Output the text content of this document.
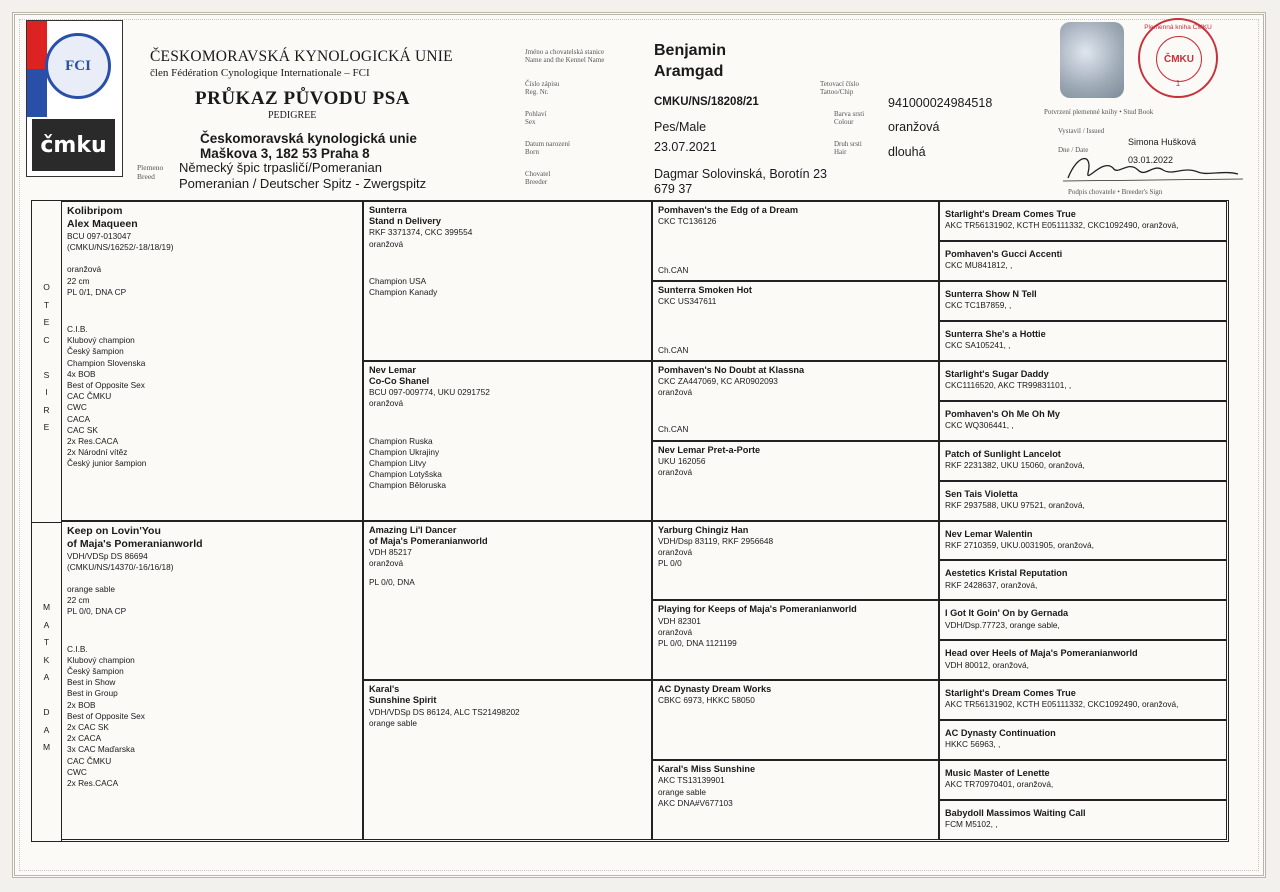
FCI
čmku
ČESKOMORAVSKÁ KYNOLOGICKÁ UNIE
člen Fédération Cynologique Internationale – FCI
PRŮKAZ PŮVODU PSA
PEDIGREE
Českomoravská kynologická unie
Maškova 3, 182 53 Praha 8
Plemeno
Breed
Německý špic trpasličí/Pomeranian
Pomeranian / Deutscher Spitz - Zwergspitz
Jméno a chovatelská stanice
Name and the Kennel Name
Číslo zápisu
Reg. Nr.
Pohlaví
Sex
Datum narození
Born
Chovatel
Breeder
Tetovací číslo
Tattoo/Chip
Barva srsti
Colour
Druh srsti
Hair
Benjamin
Aramgad
CMKU/NS/18208/21
Pes/Male
23.07.2021
Dagmar Solovinská, Borotín 23
679 37
941000024984518
oranžová
dlouhá
Plemenná kniha ČMKU
ČMKU
1
Potvrzení plemenné knihy • Stud Book
Vystavil / Issued
Simona Hušková
Dne / Date
03.01.2022
Podpis chovatele • Breeder's Sign
O
T
E
C
S
I
R
E
M
A
T
K
A
D
A
M
Kolibripom
Alex Maqueen
BCU 097-013047
(CMKU/NS/16252/-18/18/19)
oranžová
22 cm
PL 0/1, DNA CP
C.I.B.
Klubový champion
Český šampion
Champion Slovenska
4x BOB
Best of Opposite Sex
CAC ČMKU
CWC
CACA
CAC SK
2x Res.CACA
2x Národní vítěz
Český junior šampion
Keep on Lovin'You
of Maja's Pomeranianworld
VDH/VDSp DS 86694
(CMKU/NS/14370/-16/16/18)
orange sable
22 cm
PL 0/0, DNA CP
C.I.B.
Klubový champion
Český šampion
Best in Show
Best in Group
2x BOB
Best of Opposite Sex
2x CAC SK
2x CACA
3x CAC Maďarska
CAC ČMKU
CWC
2x Res.CACA
Sunterra
Stand n Delivery
RKF 3371374, CKC 399554
oranžová
Champion USA
Champion Kanady
Nev Lemar
Co-Co Shanel
BCU 097-009774, UKU 0291752
oranžová
Champion Ruska
Champion Ukrajiny
Champion Litvy
Champion Lotyšska
Champion Běloruska
Amazing Li'l Dancer
of Maja's Pomeranianworld
VDH 85217
oranžová
PL 0/0, DNA
Karal's
Sunshine Spirit
VDH/VDSp DS 86124, ALC TS21498202
orange sable
Pomhaven's the Edg of a Dream
CKC TC136126
Ch.CAN
Sunterra Smoken Hot
CKC US347611
Ch.CAN
Pomhaven's No Doubt at Klassna
CKC ZA447069, KC AR0902093
oranžová
Ch.CAN
Nev Lemar Pret-a-Porte
UKU 162056
oranžová
Yarburg Chingiz Han
VDH/Dsp 83119, RKF 2956648
oranžová
PL 0/0
Playing for Keeps of Maja's Pomeranianworld
VDH 82301
oranžová
PL 0/0, DNA 1121199
AC Dynasty Dream Works
CBKC 6973, HKKC 58050
Karal's Miss Sunshine
AKC TS13139901
orange sable
AKC DNA#V677103
Starlight's Dream Comes True
AKC TR56131902, KCTH E05111332, CKC1092490, oranžová,
Pomhaven's Gucci Accenti
CKC MU841812, ,
Sunterra Show N Tell
CKC TC1B7859, ,
Sunterra She's a Hottie
CKC SA105241, ,
Starlight's Sugar Daddy
CKC1116520, AKC TR99831101, ,
Pomhaven's Oh Me Oh My
CKC WQ306441, ,
Patch of Sunlight Lancelot
RKF 2231382, UKU 15060, oranžová,
Sen Tais Violetta
RKF 2937588, UKU 97521, oranžová,
Nev Lemar Walentin
RKF 2710359, UKU.0031905, oranžová,
Aestetics Kristal Reputation
RKF 2428637, oranžová,
I Got It Goin' On by Gernada
VDH/Dsp.77723, orange sable,
Head over Heels of Maja's Pomeranianworld
VDH 80012, oranžová,
Starlight's Dream Comes True
AKC TR56131902, KCTH E05111332, CKC1092490, oranžová,
AC Dynasty Continuation
HKKC 56963, ,
Music Master of Lenette
AKC TR70970401, oranžová,
Babydoll Massimos Waiting Call
FCM M5102, ,
